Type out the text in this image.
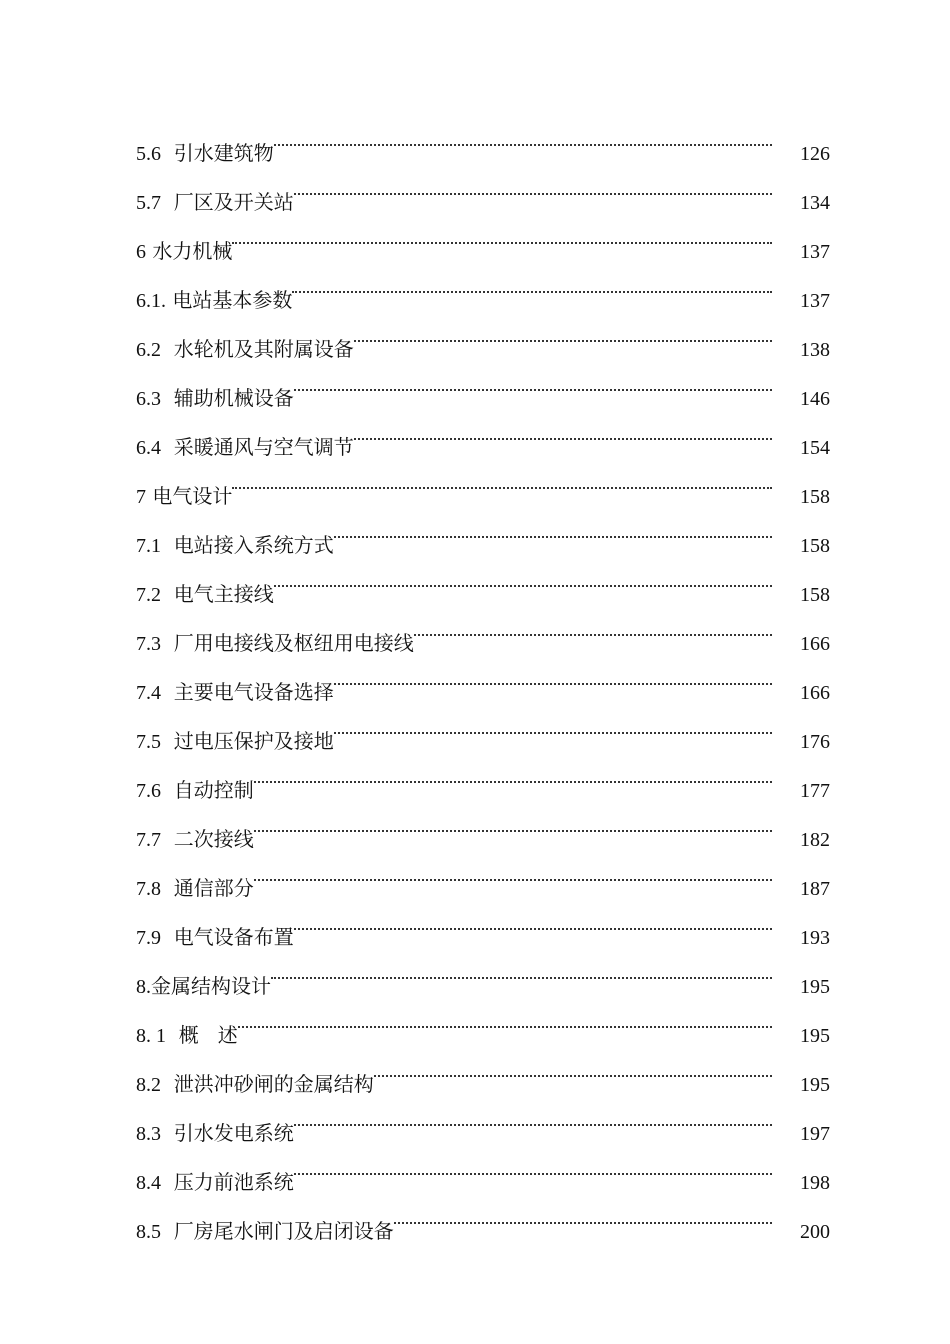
5.6 引水建筑物	126
5.7 厂区及开关站	134
6 水力机械	137
6.1. 电站基本参数	137
6.2 水轮机及其附属设备	138
6.3 辅助机械设备	146
6.4 采暖通风与空气调节	154
7 电气设计	158
7.1 电站接入系统方式	158
7.2 电气主接线	158
7.3 厂用电接线及枢纽用电接线	166
7.4 主要电气设备选择	166
7.5 过电压保护及接地	176
7.6 自动控制	177
7.7 二次接线	182
7.8 通信部分	187
7.9 电气设备布置	193
8.金属结构设计	195
8. 1 概   述	195
8.2 泄洪冲砂闸的金属结构	195
8.3 引水发电系统	197
8.4 压力前池系统	198
8.5 厂房尾水闸门及启闭设备	200
